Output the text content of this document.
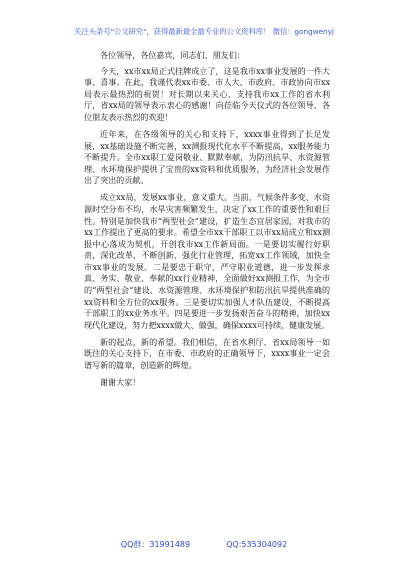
关注头条号"公文研究"，获得最新最全最专业的公文资料库！ 微信：gongwenyj

各位领导，各位嘉宾，同志们、朋友们：

今天，xx市xx局正式挂牌成立了，这是我市xx事业发展的一件大事、喜事。在此，我谨代表xx市委、市人大、市政府、市政协向市xx局表示最热烈的祝贺！对长期以来关心、支持我市xx工作的省水利厅，省xx局的领导表示衷心的感谢！向莅临今天仪式的各位领导、各位朋友表示热烈的欢迎！

近年来，在各级领导的关心和支持下，xxxx事业得到了长足发展，xx基础设施不断完善，xx测报现代化水平不断提高，xx服务能力不断提升。全市xx职工爱岗敬业、默默奉献，为防汛抗旱、水资源管理、水环境保护提供了宝贵的xx资料和优质服务，为经济社会发展作出了突出的贡献。

成立xx局，发展xx事业，意义重大。当前，气候条件多变、水资源时空分布不均，水旱灾害频繁发生，决定了xx工作的重要性和艰巨性。特别是加快我市“两型社会”建设，扩造生态宜居家园，对我市的xx工作提出了更高的要求。希望全市xx干部职工以市xx局成立和xx测报中心落成为契机，开创我市xx工作新局面。一是要切实履行好职责，深化改革，不断创新，强化行业管理，拓宽xx工作领域，加快全市xx事业的发展。二是要忠于职守，严守职业道德，进一步发挥求真、务实、敬业、奉献的xx行业精神，全面做好xx测报工作，为全市的“两型社会”建设、水资源管理、水环境保护和防汛抗旱提供准确的xx资料和全方位的xx服务。三是要切实加强人才队伍建设，不断提高干部职工的xx业务水平。四是要进一步发扬艰苦奋斗的精神，加快xx现代化建设，努力把xxxx做大、做强，确保xxxx可持续、健康发展。

新的起点，新的希望。我们相信，在省水利厅、省xx局领导一如既往的关心支持下，在市委、市政府的正确领导下，xxxx事业一定会谱写新的篇章，创造新的辉煌。

谢谢大家！

QQ群：31991489	QQ:535304092
